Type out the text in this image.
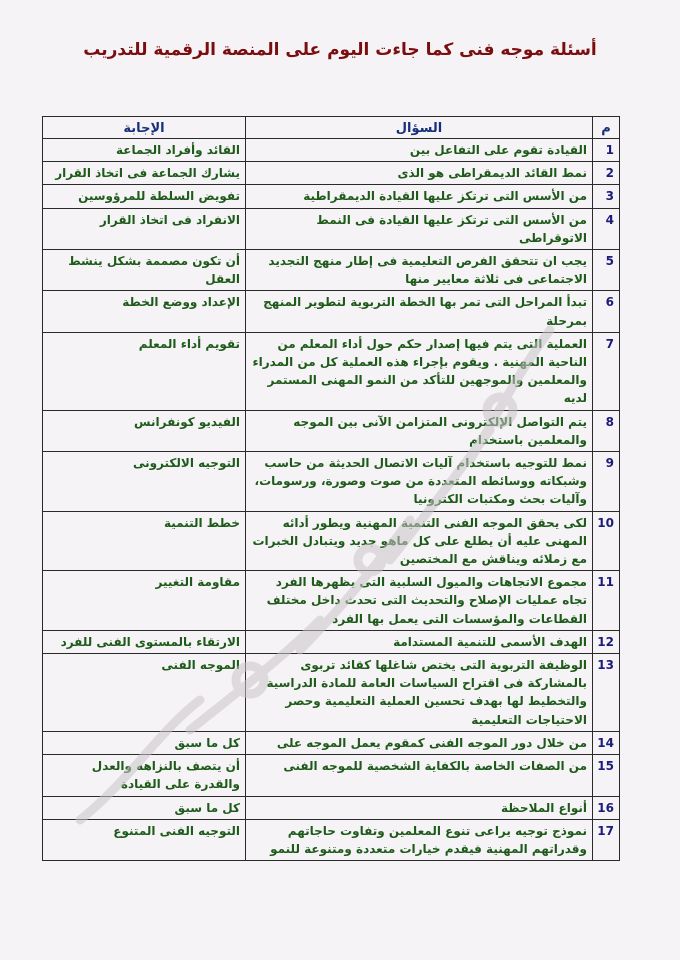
أسئلة موجه فنى كما جاءت اليوم على المنصة الرقمية للتدريب
م	السؤال	الإجابة
1	القيادة تقوم على التفاعل بين	القائد وأفراد الجماعة
2	نمط القائد الديمقراطى هو الذى	يشارك الجماعة فى اتخاذ القرار
3	من الأسس التى ترتكز عليها القيادة الديمقراطية	تفويض السلطة للمرؤوسين
4	من الأسس التى ترتكز عليها القيادة فى النمط الاتوقراطى	الانفراد فى اتخاذ القرار
5	يجب ان تتحقق الفرص التعليمية فى إطار منهج التجديد الاجتماعى فى ثلاثة معايير منها	أن تكون مصممة بشكل ينشط العقل
6	تبدأ المراحل التى تمر بها الخطة التربوية لتطوير المنهج بمرحلة	الإعداد ووضع الخطة
7	العملية التى يتم فيها إصدار حكم حول أداء المعلم من الناحية المهنية . ويقوم بإجراء هذه العملية كل من المدراء والمعلمين والموجهين للتأكد من النمو المهنى المستمر لديه	تقويم أداء المعلم
8	يتم التواصل الإلكترونى المتزامن الآنى بين الموجه والمعلمين باستخدام	الفيديو كونفرانس
9	نمط للتوجيه باستخدام آليات الاتصال الحديثة من حاسب وشبكاته ووسائطه المتعددة من صوت وصورة، ورسومات، وآليات بحث ومكتبات الكترونيا	التوجيه الالكترونى
10	لكى يحقق الموجه الفنى التنمية المهنية ويطور أدائه المهنى عليه أن يطلع على كل ماهو جديد ويتبادل الخبرات مع زملائه ويناقش مع المختصين	خطط التنمية
11	مجموع الاتجاهات والميول السلبية التى يظهرها الفرد تجاه عمليات الإصلاح والتحديث التى تحدث داخل مختلف القطاعات والمؤسسات التى يعمل بها الفرد	مقاومة التغيير
12	الهدف الأسمى للتنمية المستدامة	الارتقاء بالمستوى الفنى للفرد
13	الوظيفة التربوية التى يختص شاغلها كقائد تربوى بالمشاركة فى اقتراح السياسات العامة للمادة الدراسية والتخطيط لها بهدف تحسين العملية التعليمية وحصر الاحتياجات التعليمية	الموجه الفنى
14	من خلال دور الموجه الفنى كمقوم يعمل الموجه على	كل ما سبق
15	من الصفات الخاصة بالكفاية الشخصية للموجه الفنى	أن يتصف بالنزاهه والعدل والقدرة على القيادة
16	أنواع الملاحظة	كل ما سبق
17	نموذج توجيه يراعى تنوع المعلمين وتفاوت حاجاتهم وقدراتهم المهنية فيقدم خيارات متعددة ومتنوعة للنمو	التوجيه الفنى المتنوع
